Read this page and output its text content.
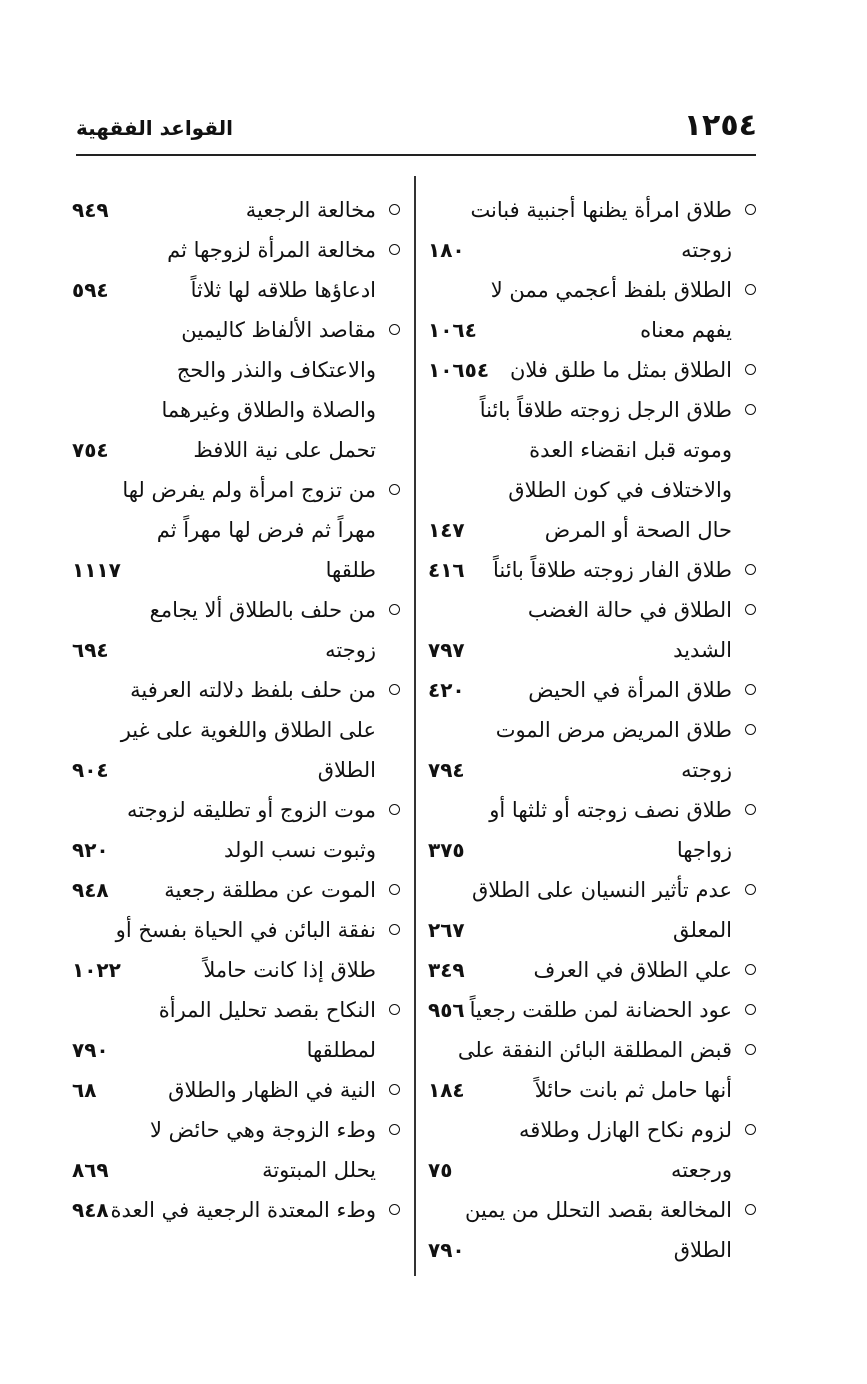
١٢٥٤
القواعد الفقهية
طلاق امرأة يظنها أجنبية فبانت
زوجته
١٨٠
الطلاق بلفظ أعجمي ممن لا
يفهم معناه
١٠٦٤
الطلاق بمثل ما طلق فلان
١٠٦٥٤
طلاق الرجل زوجته طلاقاً بائناً
وموته قبل انقضاء العدة
والاختلاف في كون الطلاق
حال الصحة أو المرض
١٤٧
طلاق الفار زوجته طلاقاً بائناً
٤١٦
الطلاق في حالة الغضب
الشديد
٧٩٧
طلاق المرأة في الحيض
٤٢٠
طلاق المريض مرض الموت
زوجته
٧٩٤
طلاق نصف زوجته أو ثلثها أو
زواجها
٣٧٥
عدم تأثير النسيان على الطلاق
المعلق
٢٦٧
علي الطلاق في العرف
٣٤٩
عود الحضانة لمن طلقت رجعياً
٩٥٦
قبض المطلقة البائن النفقة على
أنها حامل ثم بانت حائلاً
١٨٤
لزوم نكاح الهازل وطلاقه
ورجعته
٧٥
المخالعة بقصد التحلل من يمين
الطلاق
٧٩٠
مخالعة الرجعية
٩٤٩
مخالعة المرأة لزوجها ثم
ادعاؤها طلاقه لها ثلاثاً
٥٩٤
مقاصد الألفاظ كاليمين
والاعتكاف والنذر والحج
والصلاة والطلاق وغيرهما
تحمل على نية اللافظ
٧٥٤
من تزوج امرأة ولم يفرض لها
مهراً ثم فرض لها مهراً ثم
طلقها
١١١٧
من حلف بالطلاق ألا يجامع
زوجته
٦٩٤
من حلف بلفظ دلالته العرفية
على الطلاق واللغوية على غير
الطلاق
٩٠٤
موت الزوج أو تطليقه لزوجته
وثبوت نسب الولد
٩٢٠
الموت عن مطلقة رجعية
٩٤٨
نفقة البائن في الحياة بفسخ أو
طلاق إذا كانت حاملاً
١٠٢٢
النكاح بقصد تحليل المرأة
لمطلقها
٧٩٠
النية في الظهار والطلاق
٦٨
وطء الزوجة وهي حائض لا
يحلل المبتوتة
٨٦٩
وطء المعتدة الرجعية في العدة
٩٤٨
